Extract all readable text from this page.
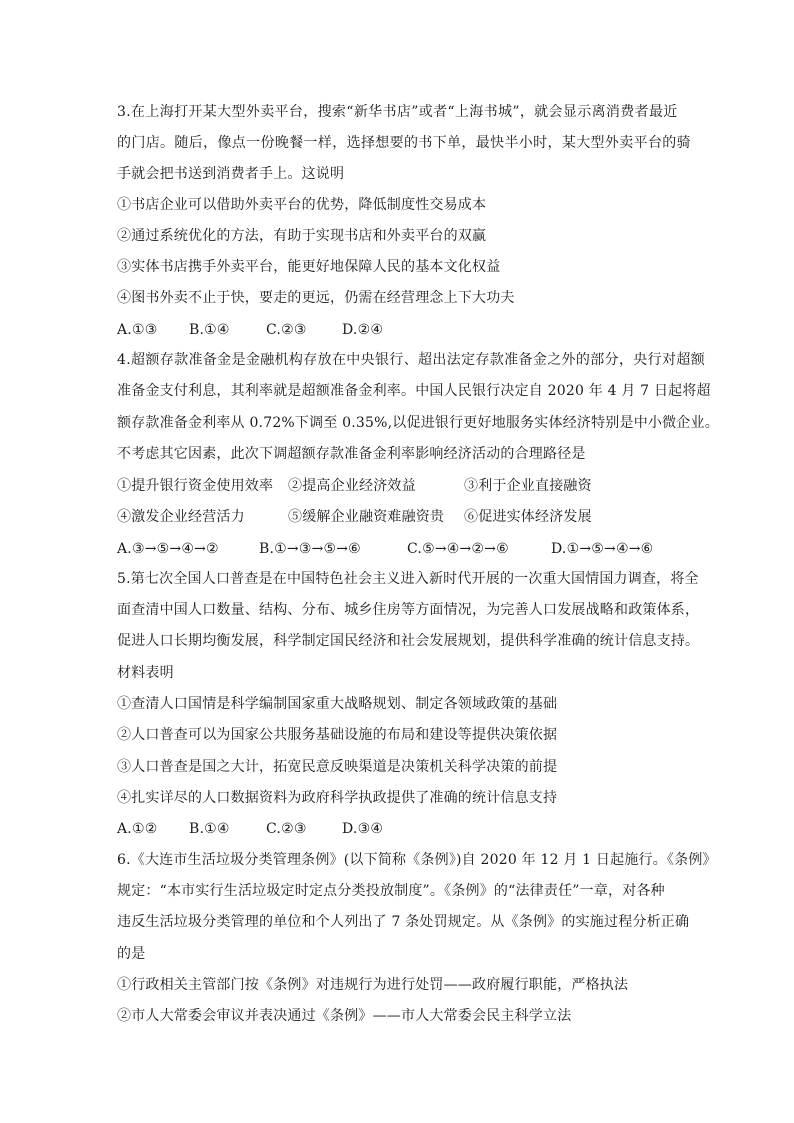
3.在上海打开某大型外卖平台，搜索“新华书店”或者“上海书城”，就会显示离消费者最近
的门店。随后，像点一份晚餐一样，选择想要的书下单，最快半小时，某大型外卖平台的骑
手就会把书送到消费者手上。这说明
①书店企业可以借助外卖平台的优势，降低制度性交易成本
②通过系统优化的方法，有助于实现书店和外卖平台的双赢
③实体书店携手外卖平台，能更好地保障人民的基本文化权益
④图书外卖不止于快，要走的更远，仍需在经营理念上下大功夫
A.①③ B.①④	C.②③	D.②④
4.超额存款准备金是金融机构存放在中央银行、超出法定存款准备金之外的部分，央行对超额
准备金支付利息，其利率就是超额准备金利率。中国人民银行决定自 2020 年 4 月 7 日起将超
额存款准备金利率从 0.72%下调至 0.35%,以促进银行更好地服务实体经济特别是中小微企业。
不考虑其它因素，此次下调超额存款准备金利率影响经济活动的合理路径是
①提升银行资金使用效率 ②提高企业经济效益	③利于企业直接融资
④激发企业经营活力	⑤缓解企业融资难融资贵 ⑥促进实体经济发展
A.③→⑤→④→②	B.①→③→⑤→⑥	C.⑤→④→②→⑥	D.①→⑤→④→⑥
5.第七次全国人口普查是在中国特色社会主义进入新时代开展的一次重大国情国力调查，将全
面查清中国人口数量、结构、分布、城乡住房等方面情况，为完善人口发展战略和政策体系，
促进人口长期均衡发展，科学制定国民经济和社会发展规划，提供科学准确的统计信息支持。
材料表明
①查清人口国情是科学编制国家重大战略规划、制定各领域政策的基础
②人口普查可以为国家公共服务基础设施的布局和建设等提供决策依据
③人口普查是国之大计，拓宽民意反映渠道是决策机关科学决策的前提
④扎实详尽的人口数据资料为政府科学执政提供了准确的统计信息支持
A.①② B.①④	C.②③	D.③④
6.《大连市生活垃圾分类管理条例》(以下简称《条例》)自 2020 年 12 月 1 日起施行。《条例》
规定：“本市实行生活垃圾定时定点分类投放制度”。《条例》的“法律责任”一章，对各种
违反生活垃圾分类管理的单位和个人列出了 7 条处罚规定。从《条例》的实施过程分析正确
的是
①行政相关主管部门按《条例》对违规行为进行处罚——政府履行职能，严格执法
②市人大常委会审议并表决通过《条例》——市人大常委会民主科学立法
